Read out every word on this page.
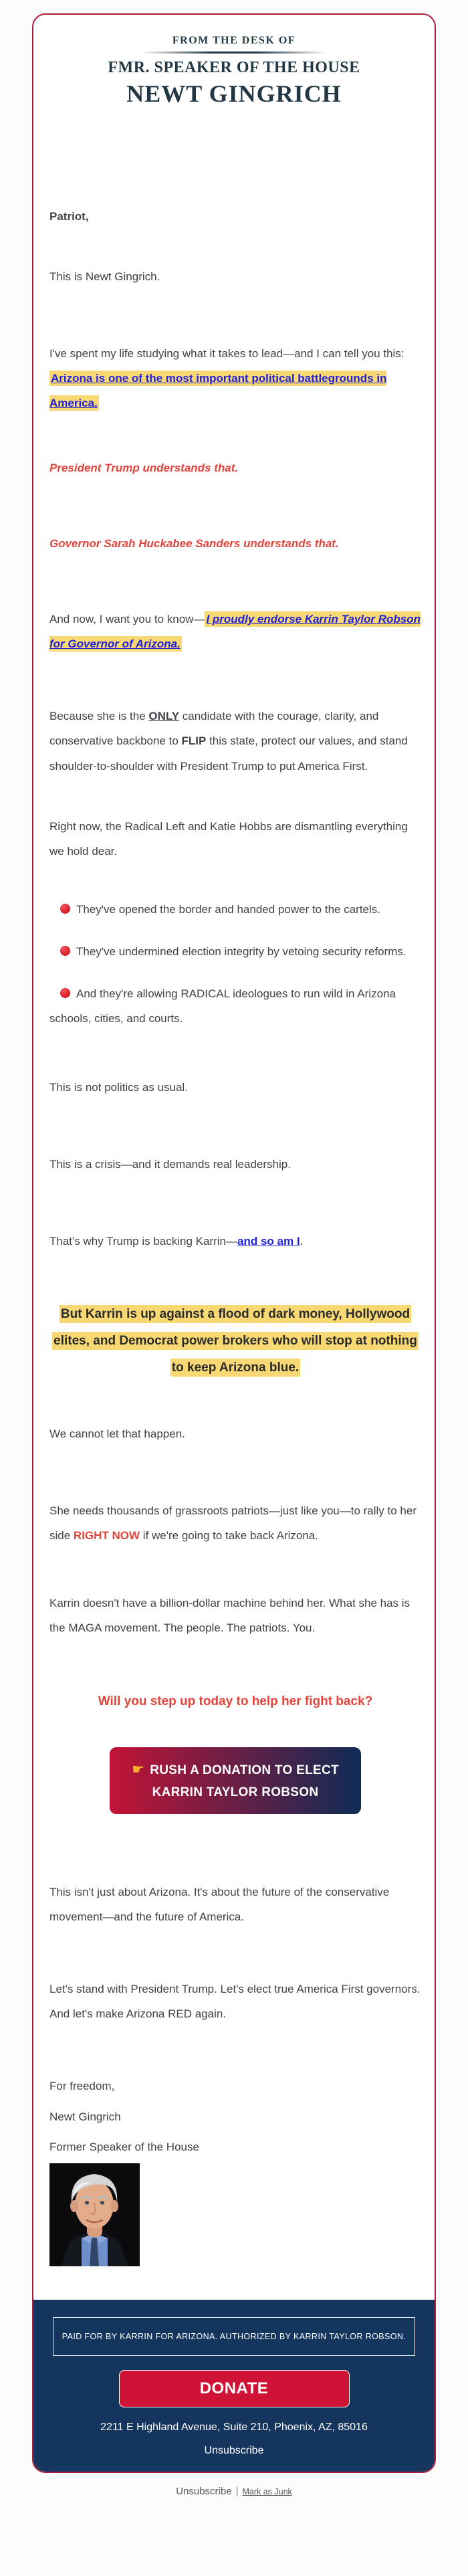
FROM THE DESK OF
FMR. SPEAKER OF THE HOUSE
NEWT GINGRICH

Patriot,

This is Newt Gingrich.

I've spent my life studying what it takes to lead—and I can tell you this: Arizona is one of the most important political battlegrounds in America.

President Trump understands that.

Governor Sarah Huckabee Sanders understands that.

And now, I want you to know— I proudly endorse Karrin Taylor Robson for Governor of Arizona.

Because she is the ONLY candidate with the courage, clarity, and conservative backbone to FLIP this state, protect our values, and stand shoulder-to-shoulder with President Trump to put America First.

Right now, the Radical Left and Katie Hobbs are dismantling everything we hold dear.

They've opened the border and handed power to the cartels.

They've undermined election integrity by vetoing security reforms.

And they're allowing RADICAL ideologues to run wild in Arizona schools, cities, and courts.

This is not politics as usual.

This is a crisis—and it demands real leadership.

That's why Trump is backing Karrin—and so am I.

But Karrin is up against a flood of dark money, Hollywood elites, and Democrat power brokers who will stop at nothing to keep Arizona blue.

We cannot let that happen.

She needs thousands of grassroots patriots—just like you—to rally to her side RIGHT NOW if we're going to take back Arizona.

Karrin doesn't have a billion-dollar machine behind her. What she has is the MAGA movement. The people. The patriots. You.

Will you step up today to help her fight back?

☛ RUSH A DONATION TO ELECT KARRIN TAYLOR ROBSON

This isn't just about Arizona. It's about the future of the conservative movement—and the future of America.

Let's stand with President Trump. Let's elect true America First governors. And let's make Arizona RED again.

For freedom,

Newt Gingrich

Former Speaker of the House

PAID FOR BY KARRIN FOR ARIZONA. AUTHORIZED BY KARRIN TAYLOR ROBSON.
DONATE
2211 E Highland Avenue, Suite 210, Phoenix, AZ, 85016
Unsubscribe
Unsubscribe | Mark as Junk
